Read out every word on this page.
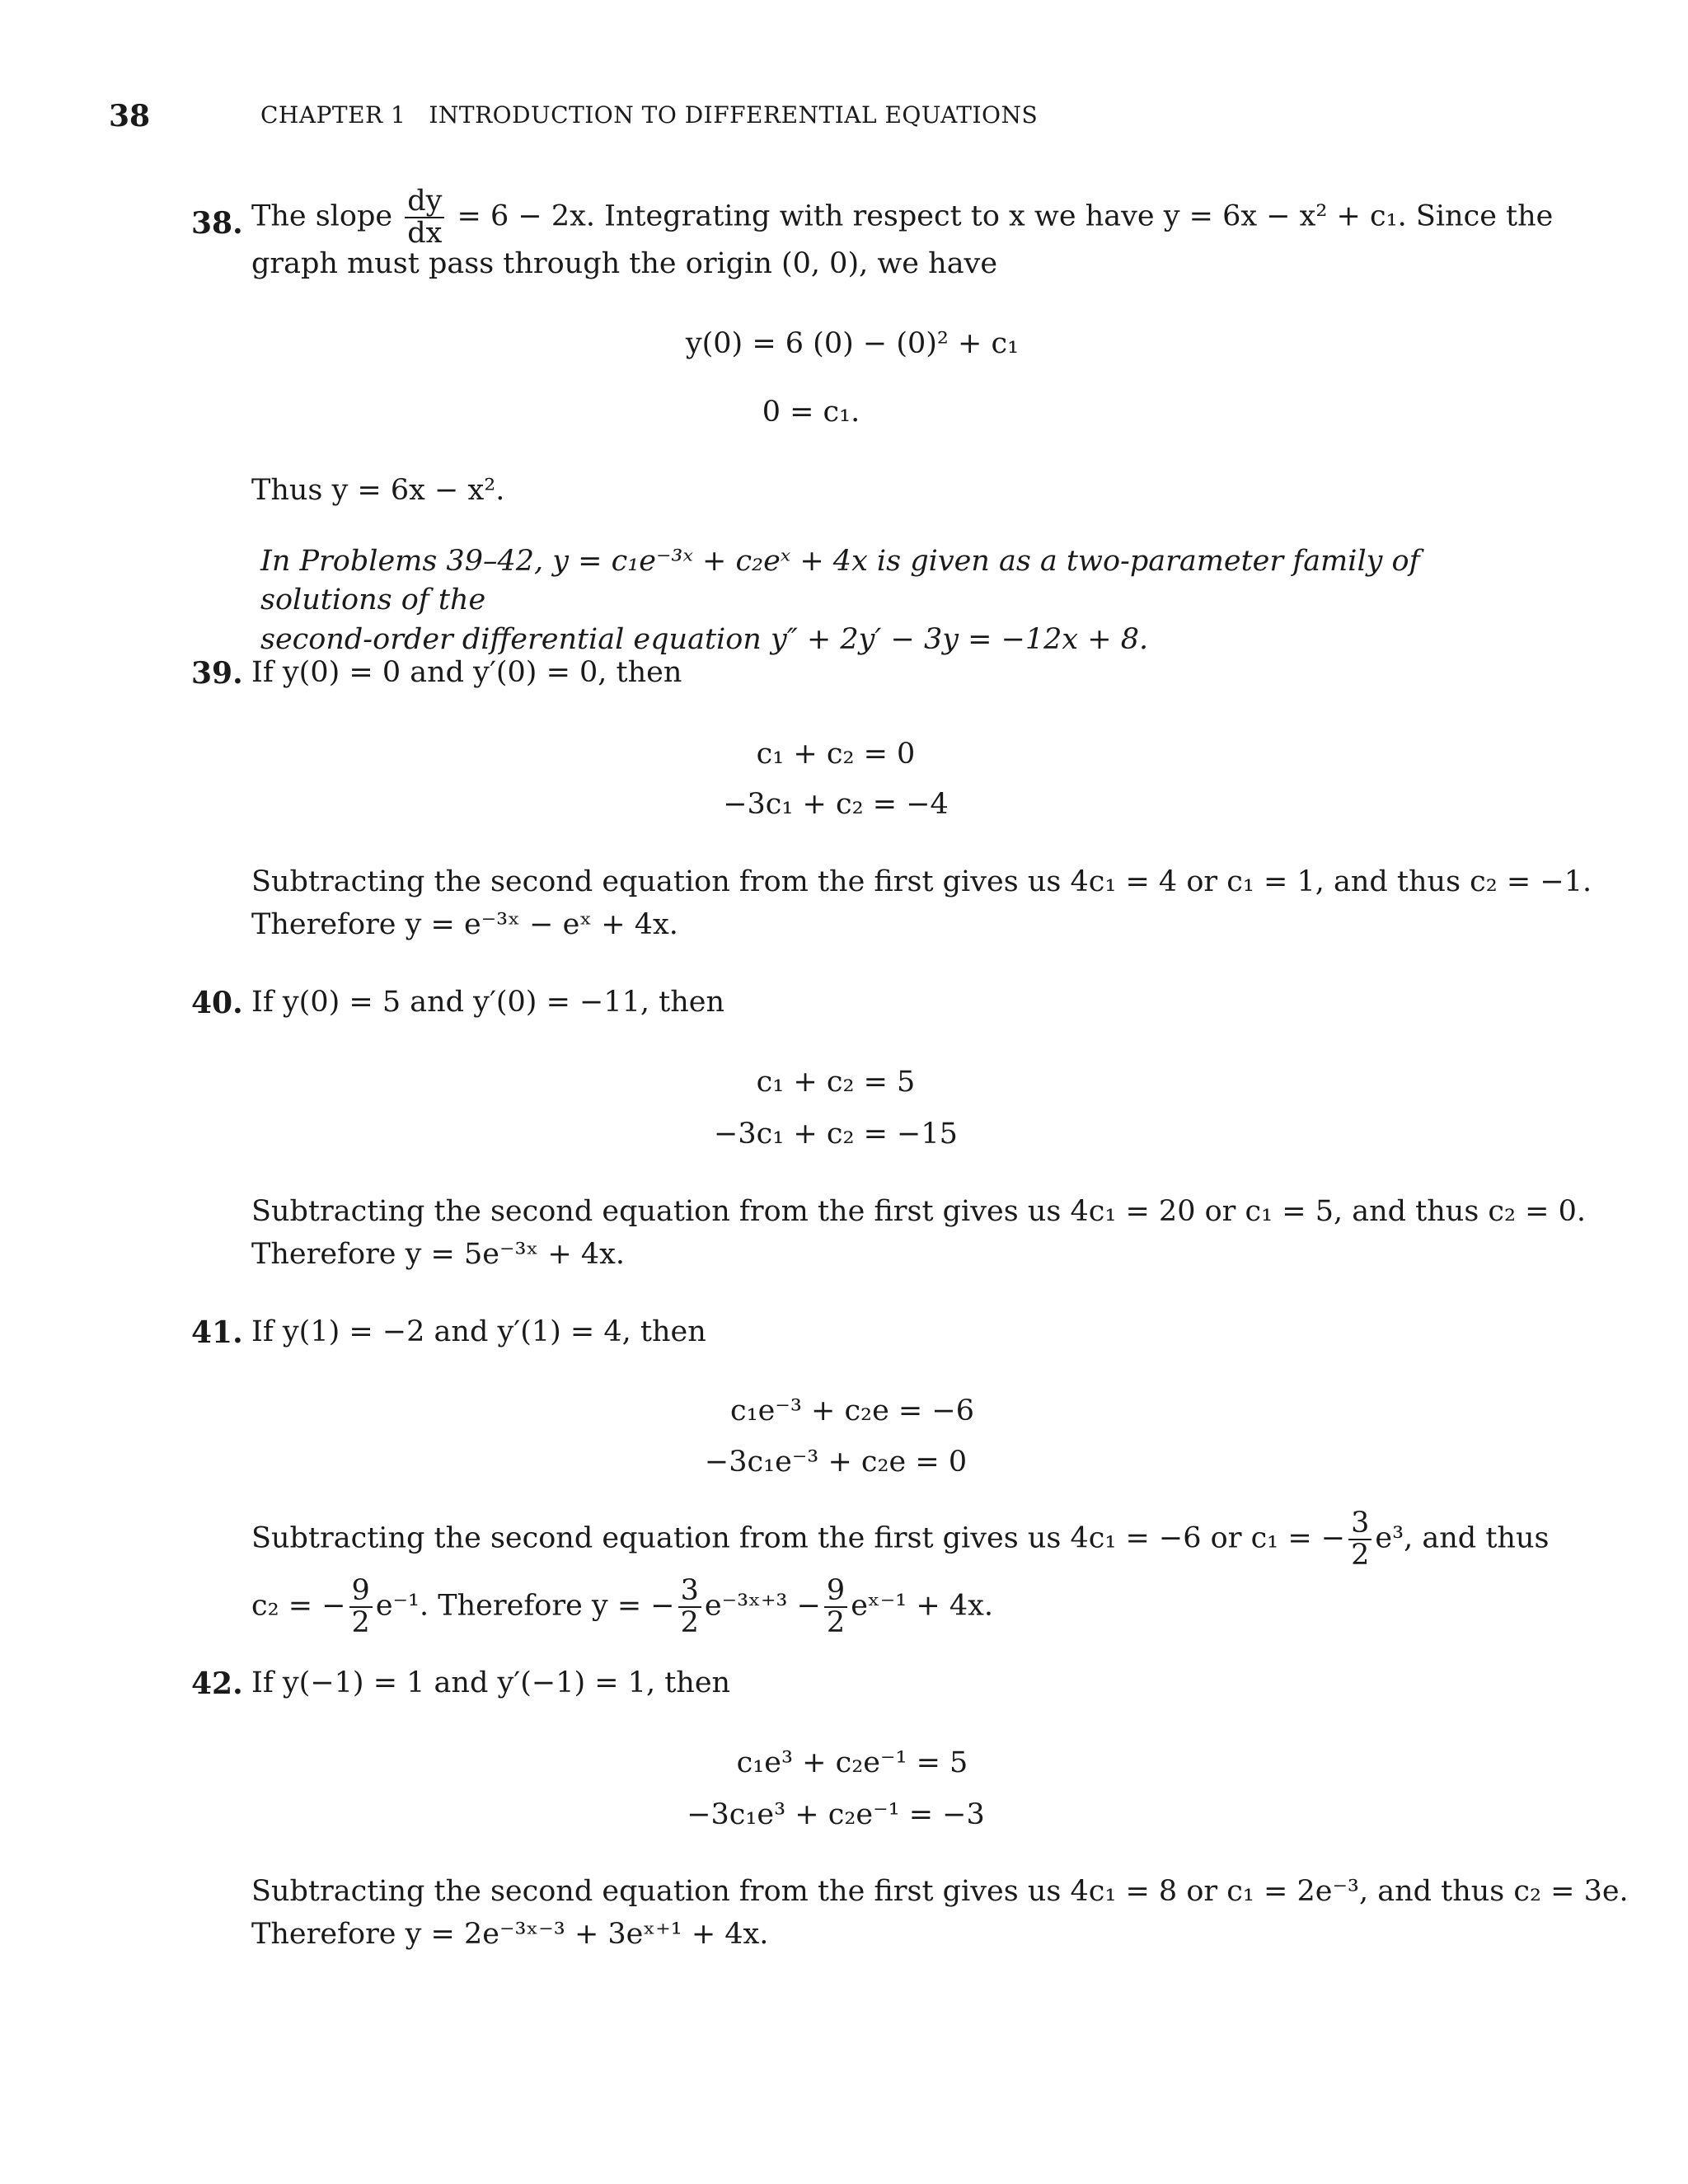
38	CHAPTER 1 INTRODUCTION TO DIFFERENTIAL EQUATIONS
38. The slope $\frac{dy}{dx} = 6 - 2x$. Integrating with respect to x we have y = 6x − x² + c₁. Since the
graph must pass through the origin (0, 0), we have
y(0) = 6 (0) − (0)² + c₁
0 = c₁.
Thus y = 6x − x².
In Problems 39–42, y = c₁e⁻³ˣ + c₂eˣ + 4x is given as a two-parameter family of solutions of the
second-order differential equation y″ + 2y′ − 3y = −12x + 8.
39. If y(0) = 0 and y′(0) = 0, then
c₁ + c₂ = 0
−3c₁ + c₂ = −4
Subtracting the second equation from the first gives us 4c₁ = 4 or c₁ = 1, and thus c₂ = −1.
Therefore y = e⁻³ˣ − eˣ + 4x.
40. If y(0) = 5 and y′(0) = −11, then
c₁ + c₂ = 5
−3c₁ + c₂ = −15
Subtracting the second equation from the first gives us 4c₁ = 20 or c₁ = 5, and thus c₂ = 0.
Therefore y = 5e⁻³ˣ + 4x.
41. If y(1) = −2 and y′(1) = 4, then
c₁e⁻³ + c₂e = −6
−3c₁e⁻³ + c₂e = 0
Subtracting the second equation from the first gives us 4c₁ = −6 or c₁ = − $\frac{3}{2} e^3$, and thus
c₂ = − $\frac{9}{2} e^{-1}$. Therefore y = − $\frac{3}{2}$ e⁻³ˣ⁺³ − $\frac{9}{2}$ eˣ⁻¹ + 4x.
42. If y(−1) = 1 and y′(−1) = 1, then
c₁e³ + c₂e⁻¹ = 5
−3c₁e³ + c₂e⁻¹ = −3
Subtracting the second equation from the first gives us 4c₁ = 8 or c₁ = 2e⁻³, and thus c₂ = 3e.
Therefore y = 2e⁻³ˣ⁻³ + 3eˣ⁺¹ + 4x.
